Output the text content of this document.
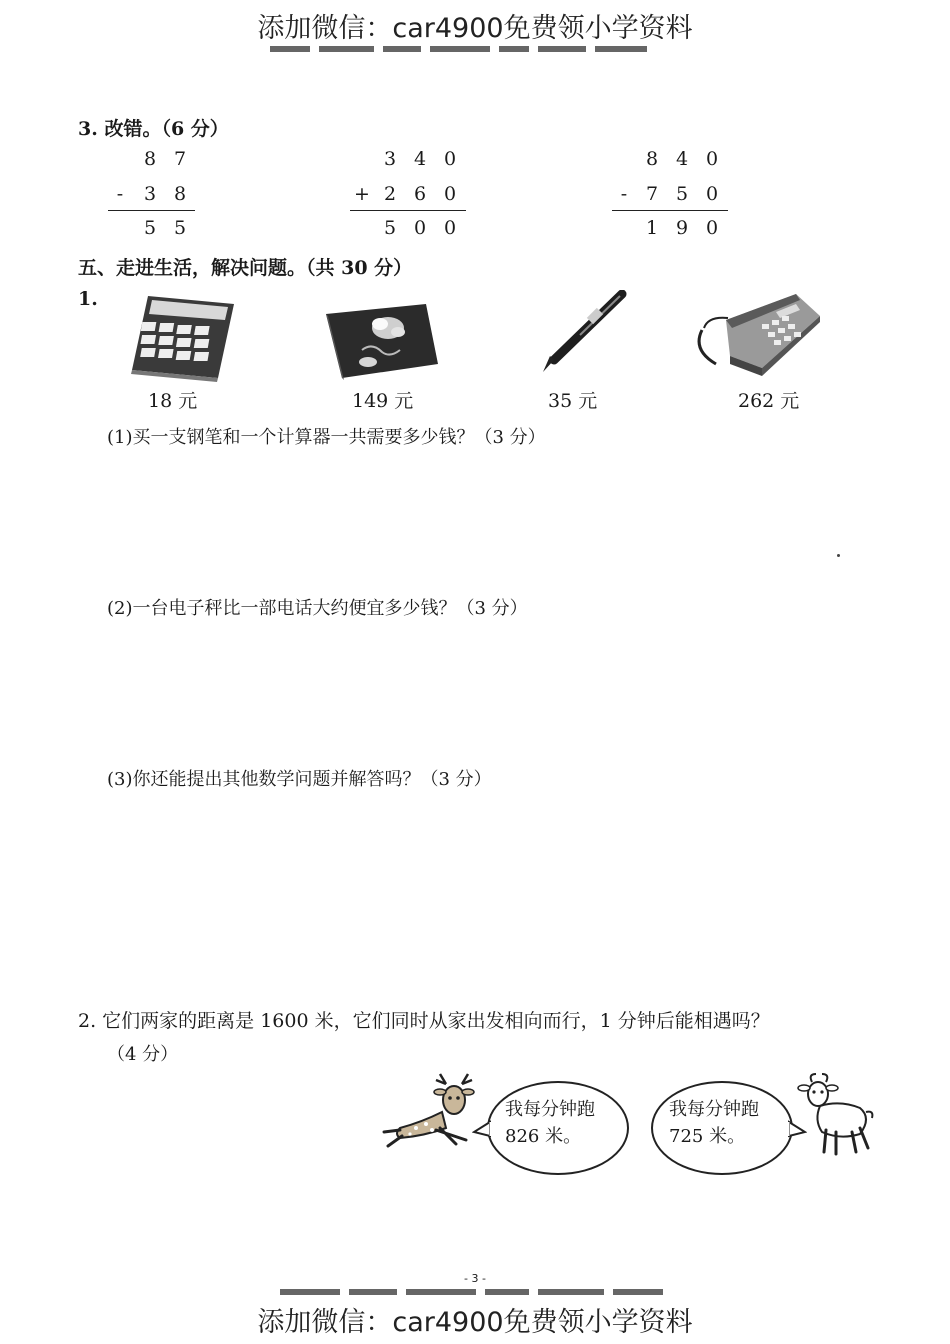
添加微信：car4900免费领小学资料
3. 改错。（6 分）
8 7
-	3 8
5 5
3 4 0
+ 2 6 0
5 0 0
8 4 0
- 7 5 0
1 9 0
五、走进生活，解决问题。（共 30 分）
1.
18 元	149 元	35 元	262 元
(1)买一支钢笔和一个计算器一共需要多少钱？（3 分）
(2)一台电子秤比一部电话大约便宜多少钱？（3 分）
(3)你还能提出其他数学问题并解答吗？（3 分）
2. 它们两家的距离是 1600 米，它们同时从家出发相向而行，1 分钟后能相遇吗？
（4 分）
我每分钟跑
826 米。
我每分钟跑
725 米。
- 3 -
添加微信：car4900免费领小学资料
